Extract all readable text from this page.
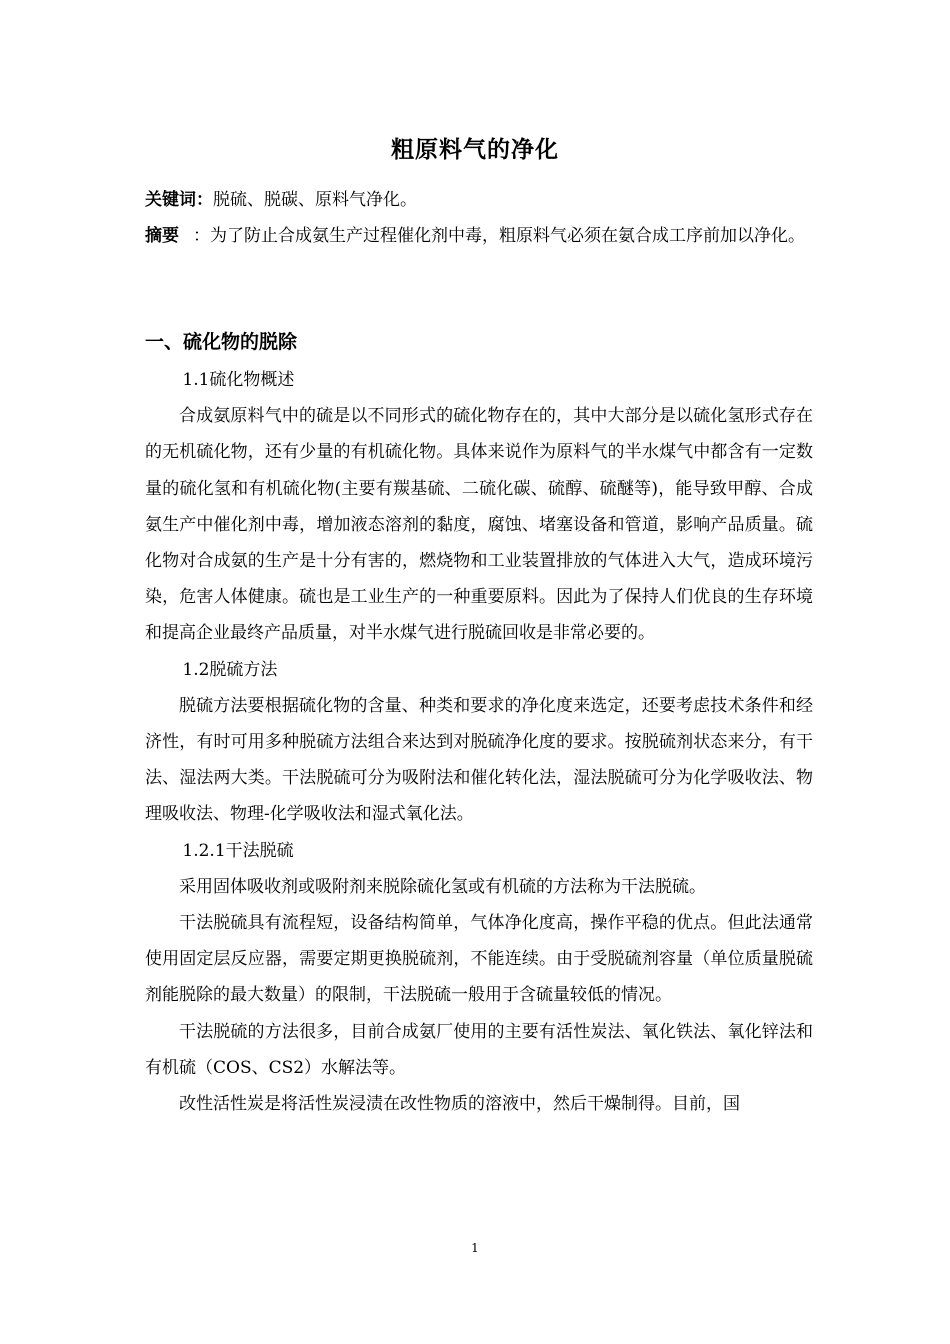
粗原料气的净化
关键词：脱硫、脱碳、原料气净化。
摘要 ：为了防止合成氨生产过程催化剂中毒，粗原料气必须在氨合成工序前加以净化。
一、硫化物的脱除

1.1硫化物概述

合成氨原料气中的硫是以不同形式的硫化物存在的，其中大部分是以硫化氢形式存在的无机硫化物，还有少量的有机硫化物。具体来说作为原料气的半水煤气中都含有一定数量的硫化氢和有机硫化物(主要有羰基硫、二硫化碳、硫醇、硫醚等)，能导致甲醇、合成氨生产中催化剂中毒，增加液态溶剂的黏度，腐蚀、堵塞设备和管道，影响产品质量。硫化物对合成氨的生产是十分有害的，燃烧物和工业装置排放的气体进入大气，造成环境污染，危害人体健康。硫也是工业生产的一种重要原料。因此为了保持人们优良的生存环境和提高企业最终产品质量，对半水煤气进行脱硫回收是非常必要的。

1.2脱硫方法

脱硫方法要根据硫化物的含量、种类和要求的净化度来选定，还要考虑技术条件和经济性，有时可用多种脱硫方法组合来达到对脱硫净化度的要求。按脱硫剂状态来分，有干法、湿法两大类。干法脱硫可分为吸附法和催化转化法，湿法脱硫可分为化学吸收法、物理吸收法、物理-化学吸收法和湿式氧化法。

1.2.1干法脱硫

采用固体吸收剂或吸附剂来脱除硫化氢或有机硫的方法称为干法脱硫。

干法脱硫具有流程短，设备结构简单，气体净化度高，操作平稳的优点。但此法通常使用固定层反应器，需要定期更换脱硫剂，不能连续。由于受脱硫剂容量（单位质量脱硫剂能脱除的最大数量）的限制，干法脱硫一般用于含硫量较低的情况。

干法脱硫的方法很多，目前合成氨厂使用的主要有活性炭法、氧化铁法、氧化锌法和有机硫（COS、CS2）水解法等。

改性活性炭是将活性炭浸渍在改性物质的溶液中，然后干燥制得。目前，国

1
